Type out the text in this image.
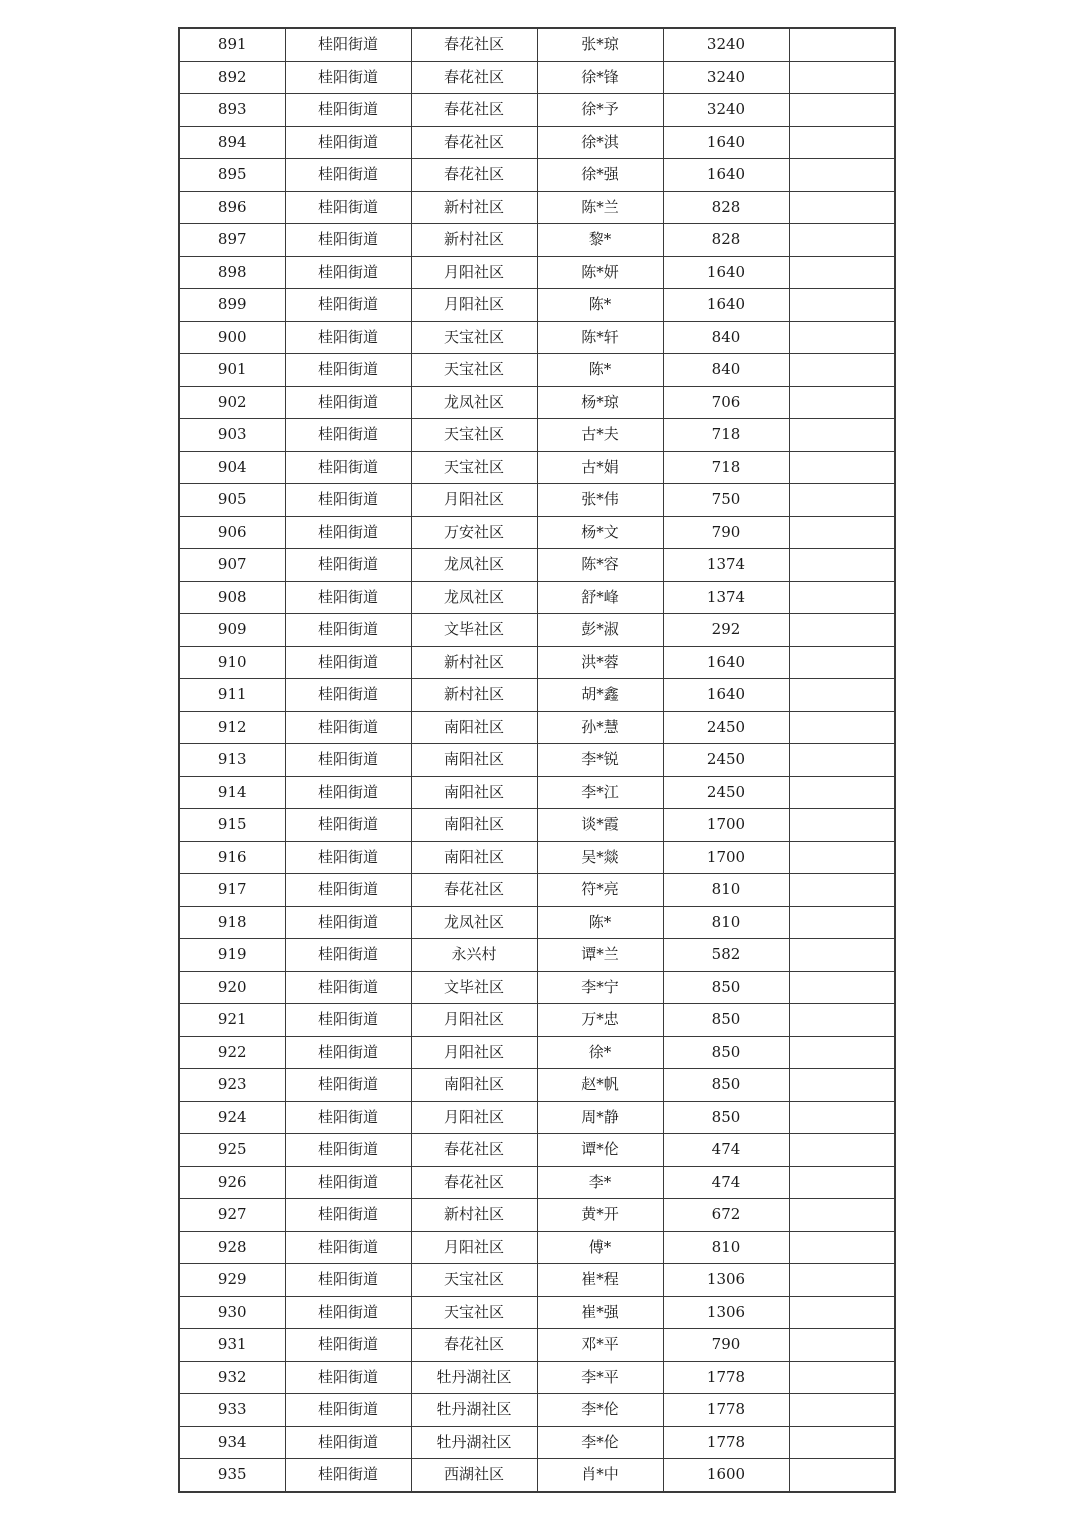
891	桂阳街道	春花社区	张*琼	3240	
892	桂阳街道	春花社区	徐*锋	3240	
893	桂阳街道	春花社区	徐*予	3240	
894	桂阳街道	春花社区	徐*淇	1640	
895	桂阳街道	春花社区	徐*强	1640	
896	桂阳街道	新村社区	陈*兰	828	
897	桂阳街道	新村社区	黎*	828	
898	桂阳街道	月阳社区	陈*妍	1640	
899	桂阳街道	月阳社区	陈*	1640	
900	桂阳街道	天宝社区	陈*轩	840	
901	桂阳街道	天宝社区	陈*	840	
902	桂阳街道	龙凤社区	杨*琼	706	
903	桂阳街道	天宝社区	古*夫	718	
904	桂阳街道	天宝社区	古*娟	718	
905	桂阳街道	月阳社区	张*伟	750	
906	桂阳街道	万安社区	杨*文	790	
907	桂阳街道	龙凤社区	陈*容	1374	
908	桂阳街道	龙凤社区	舒*峰	1374	
909	桂阳街道	文毕社区	彭*淑	292	
910	桂阳街道	新村社区	洪*蓉	1640	
911	桂阳街道	新村社区	胡*鑫	1640	
912	桂阳街道	南阳社区	孙*慧	2450	
913	桂阳街道	南阳社区	李*锐	2450	
914	桂阳街道	南阳社区	李*江	2450	
915	桂阳街道	南阳社区	谈*霞	1700	
916	桂阳街道	南阳社区	吴*燚	1700	
917	桂阳街道	春花社区	符*亮	810	
918	桂阳街道	龙凤社区	陈*	810	
919	桂阳街道	永兴村	谭*兰	582	
920	桂阳街道	文毕社区	李*宁	850	
921	桂阳街道	月阳社区	万*忠	850	
922	桂阳街道	月阳社区	徐*	850	
923	桂阳街道	南阳社区	赵*帆	850	
924	桂阳街道	月阳社区	周*静	850	
925	桂阳街道	春花社区	谭*伦	474	
926	桂阳街道	春花社区	李*	474	
927	桂阳街道	新村社区	黄*开	672	
928	桂阳街道	月阳社区	傅*	810	
929	桂阳街道	天宝社区	崔*程	1306	
930	桂阳街道	天宝社区	崔*强	1306	
931	桂阳街道	春花社区	邓*平	790	
932	桂阳街道	牡丹湖社区	李*平	1778	
933	桂阳街道	牡丹湖社区	李*伦	1778	
934	桂阳街道	牡丹湖社区	李*伦	1778	
935	桂阳街道	西湖社区	肖*中	1600	
